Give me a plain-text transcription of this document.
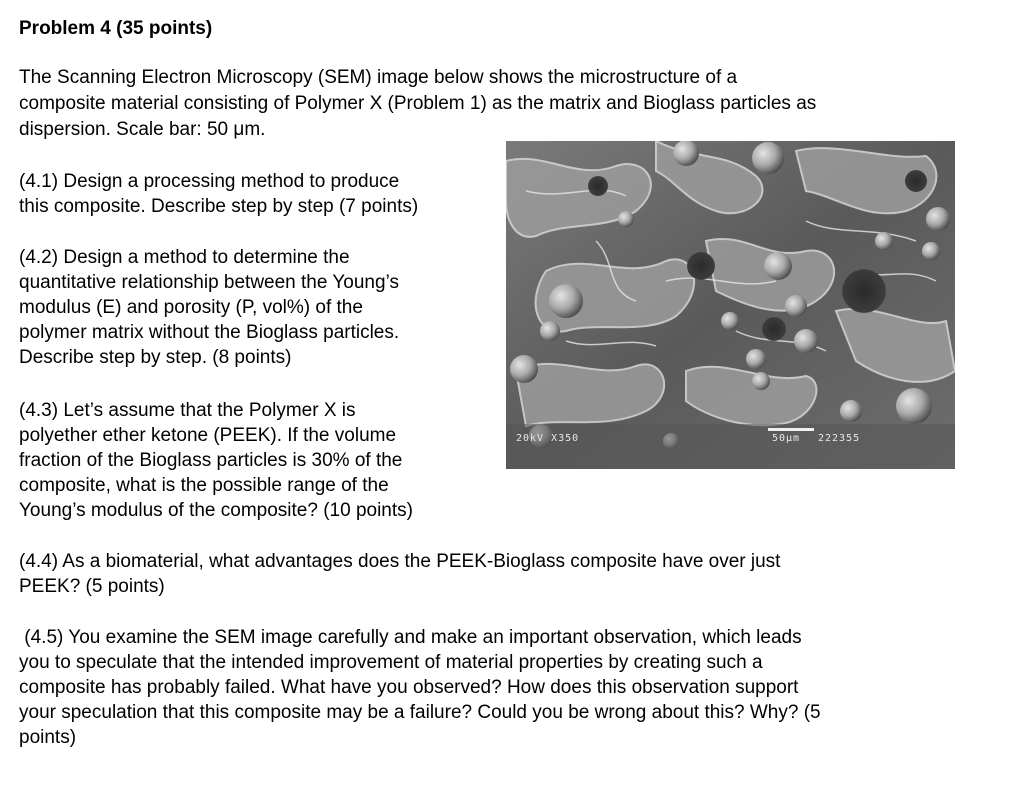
Problem 4 (35 points)

The Scanning Electron Microscopy (SEM) image below shows the microstructure of a

composite material consisting of Polymer X (Problem 1) as the matrix and Bioglass particles as

dispersion. Scale bar: 50 μm.

(4.1) Design a processing method to produce

this composite. Describe step by step (7 points)

(4.2) Design a method to determine the

quantitative relationship between the Young’s

modulus (E) and porosity (P, vol%) of the

polymer matrix without the Bioglass particles.

Describe step by step. (8 points)

(4.3) Let’s assume that the Polymer X is

polyether ether ketone (PEEK). If the volume

fraction of the Bioglass particles is 30% of the

composite, what is the possible range of the

Young’s modulus of the composite? (10 points)

(4.4) As a biomaterial, what advantages does the PEEK-Bioglass composite have over just

PEEK? (5 points)

(4.5) You examine the SEM image carefully and make an important observation, which leads

you to speculate that the intended improvement of material properties by creating such a

composite has probably failed. What have you observed? How does this observation support

your speculation that this composite may be a failure? Could you be wrong about this? Why? (5

points)

20kV X350	50μm 222355
